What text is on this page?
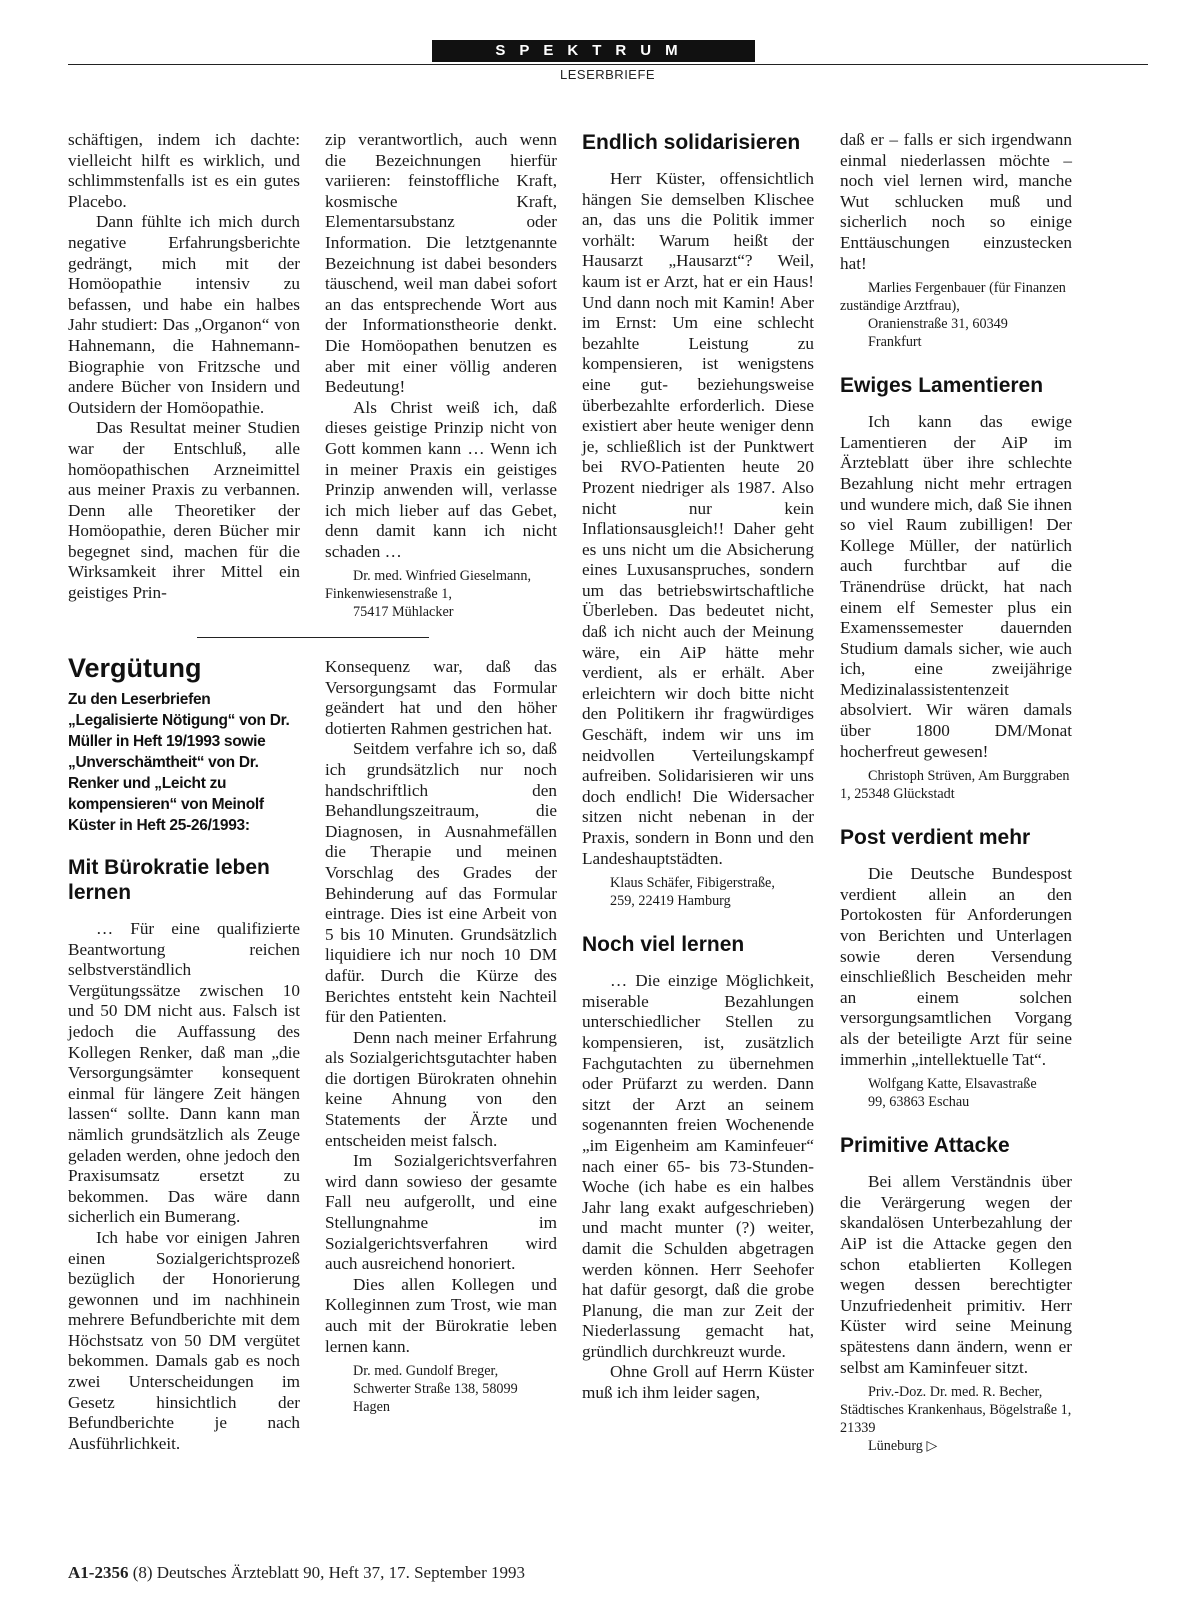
SPEKTRUM
LESERBRIEFE

schäftigen, indem ich dachte: vielleicht hilft es wirklich, und schlimmstenfalls ist es ein gutes Placebo.

Dann fühlte ich mich durch negative Erfahrungsberichte gedrängt, mich mit der Homöopathie intensiv zu befassen, und habe ein halbes Jahr studiert: Das „Organon“ von Hahnemann, die Hahnemann-Biographie von Fritzsche und andere Bücher von Insidern und Outsidern der Homöopathie.

Das Resultat meiner Studien war der Entschluß, alle homöopathischen Arzneimittel aus meiner Praxis zu verbannen. Denn alle Theoretiker der Homöopathie, deren Bücher mir begegnet sind, machen für die Wirksamkeit ihrer Mittel ein geistiges Prin-

zip verantwortlich, auch wenn die Bezeichnungen hierfür variieren: feinstoffliche Kraft, kosmische Kraft, Elementarsubstanz oder Information. Die letztgenannte Bezeichnung ist dabei besonders täuschend, weil man dabei sofort an das entsprechende Wort aus der Informationstheorie denkt. Die Homöopathen benutzen es aber mit einer völlig anderen Bedeutung!

Als Christ weiß ich, daß dieses geistige Prinzip nicht von Gott kommen kann … Wenn ich in meiner Praxis ein geistiges Prinzip anwenden will, verlasse ich mich lieber auf das Gebet, denn damit kann ich nicht schaden …

Dr. med. Winfried Gieselmann, Finkenwiesenstraße 1,
75417 Mühlacker

Vergütung

Zu den Leserbriefen „Legalisierte Nötigung“ von Dr. Müller in Heft 19/1993 sowie „Unverschämtheit“ von Dr. Renker und „Leicht zu kompensieren“ von Meinolf Küster in Heft 25-26/1993:

Mit Bürokratie leben lernen

… Für eine qualifizierte Beantwortung reichen selbstverständlich Vergütungssätze zwischen 10 und 50 DM nicht aus. Falsch ist jedoch die Auffassung des Kollegen Renker, daß man „die Versorgungsämter konsequent einmal für längere Zeit hängen lassen“ sollte. Dann kann man nämlich grundsätzlich als Zeuge geladen werden, ohne jedoch den Praxisumsatz ersetzt zu bekommen. Das wäre dann sicherlich ein Bumerang.

Ich habe vor einigen Jahren einen Sozialgerichtsprozeß bezüglich der Honorierung gewonnen und im nachhinein mehrere Befundberichte mit dem Höchstsatz von 50 DM vergütet bekommen. Damals gab es noch zwei Unterscheidungen im Gesetz hinsichtlich der Befundberichte je nach Ausführlichkeit.

Konsequenz war, daß das Versorgungsamt das Formular geändert hat und den höher dotierten Rahmen gestrichen hat.

Seitdem verfahre ich so, daß ich grundsätzlich nur noch handschriftlich den Behandlungszeitraum, die Diagnosen, in Ausnahmefällen die Therapie und meinen Vorschlag des Grades der Behinderung auf das Formular eintrage. Dies ist eine Arbeit von 5 bis 10 Minuten. Grundsätzlich liquidiere ich nur noch 10 DM dafür. Durch die Kürze des Berichtes entsteht kein Nachteil für den Patienten.

Denn nach meiner Erfahrung als Sozialgerichtsgutachter haben die dortigen Bürokraten ohnehin keine Ahnung von den Statements der Ärzte und entscheiden meist falsch.

Im Sozialgerichtsverfahren wird dann sowieso der gesamte Fall neu aufgerollt, und eine Stellungnahme im Sozialgerichtsverfahren wird auch ausreichend honoriert.

Dies allen Kollegen und Kolleginnen zum Trost, wie man auch mit der Bürokratie leben lernen kann.

Dr. med. Gundolf Breger,
Schwerter Straße 138, 58099
Hagen

Endlich solidarisieren

Herr Küster, offensichtlich hängen Sie demselben Klischee an, das uns die Politik immer vorhält: Warum heißt der Hausarzt „Hausarzt“? Weil, kaum ist er Arzt, hat er ein Haus! Und dann noch mit Kamin! Aber im Ernst: Um eine schlecht bezahlte Leistung zu kompensieren, ist wenigstens eine gut- beziehungsweise überbezahlte erforderlich. Diese existiert aber heute weniger denn je, schließlich ist der Punktwert bei RVO-Patienten heute 20 Prozent niedriger als 1987. Also nicht nur kein Inflationsausgleich!! Daher geht es uns nicht um die Absicherung eines Luxusanspruches, sondern um das betriebswirtschaftliche Überleben. Das bedeutet nicht, daß ich nicht auch der Meinung wäre, ein AiP hätte mehr verdient, als er erhält. Aber erleichtern wir doch bitte nicht den Politikern ihr fragwürdiges Geschäft, indem wir uns im neidvollen Verteilungskampf aufreiben. Solidarisieren wir uns doch endlich! Die Widersacher sitzen nicht nebenan in der Praxis, sondern in Bonn und den Landeshauptstädten.

Klaus Schäfer, Fibigerstraße,
259, 22419 Hamburg

Noch viel lernen

… Die einzige Möglichkeit, miserable Bezahlungen unterschiedlicher Stellen zu kompensieren, ist, zusätzlich Fachgutachten zu übernehmen oder Prüfarzt zu werden. Dann sitzt der Arzt an seinem sogenannten freien Wochenende „im Eigenheim am Kaminfeuer“ nach einer 65- bis 73-Stunden-Woche (ich habe es ein halbes Jahr lang exakt aufgeschrieben) und macht munter (?) weiter, damit die Schulden abgetragen werden können. Herr Seehofer hat dafür gesorgt, daß die grobe Planung, die man zur Zeit der Niederlassung gemacht hat, gründlich durchkreuzt wurde.

Ohne Groll auf Herrn Küster muß ich ihm leider sagen,

daß er – falls er sich irgendwann einmal niederlassen möchte – noch viel lernen wird, manche Wut schlucken muß und sicherlich noch so einige Enttäuschungen einzustecken hat!

Marlies Fergenbauer (für Finanzen zuständige Arztfrau),
Oranienstraße 31, 60349
Frankfurt

Ewiges Lamentieren

Ich kann das ewige Lamentieren der AiP im Ärzteblatt über ihre schlechte Bezahlung nicht mehr ertragen und wundere mich, daß Sie ihnen so viel Raum zubilligen! Der Kollege Müller, der natürlich auch furchtbar auf die Tränendrüse drückt, hat nach einem elf Semester plus ein Examenssemester dauernden Studium damals sicher, wie auch ich, eine zweijährige Medizinalassistentenzeit absolviert. Wir wären damals über 1800 DM/Monat hocherfreut gewesen!

Christoph Strüven, Am Burggraben 1, 25348 Glückstadt

Post verdient mehr

Die Deutsche Bundespost verdient allein an den Portokosten für Anforderungen von Berichten und Unterlagen sowie deren Versendung einschließlich Bescheiden mehr an einem solchen versorgungsamtlichen Vorgang als der beteiligte Arzt für seine immerhin „intellektuelle Tat“.

Wolfgang Katte, Elsavastraße
99, 63863 Eschau

Primitive Attacke

Bei allem Verständnis über die Verärgerung wegen der skandalösen Unterbezahlung der AiP ist die Attacke gegen den schon etablierten Kollegen wegen dessen berechtigter Unzufriedenheit primitiv. Herr Küster wird seine Meinung spätestens dann ändern, wenn er selbst am Kaminfeuer sitzt.

Priv.-Doz. Dr. med. R. Becher, Städtisches Krankenhaus, Bögelstraße 1, 21339
Lüneburg ▷

A1-2356 (8) Deutsches Ärzteblatt 90, Heft 37, 17. September 1993
